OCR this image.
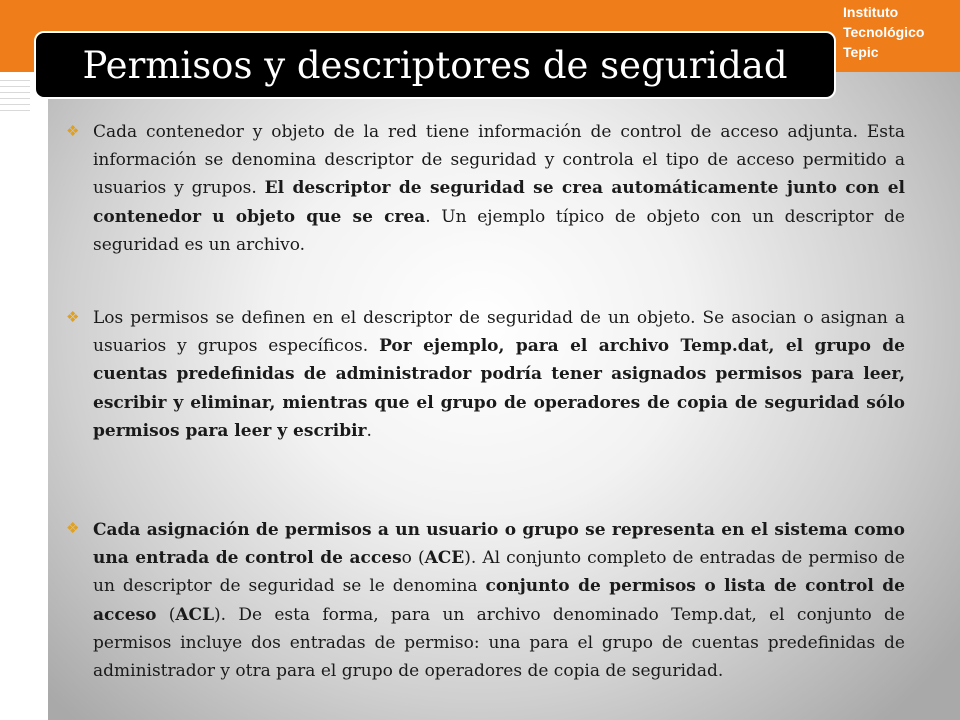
Instituto
Tecnológico
Tepic
Permisos y descriptores de seguridad
❖ Cada contenedor y objeto de la red tiene información de control de acceso adjunta. Esta información se denomina descriptor de seguridad y controla el tipo de acceso permitido a usuarios y grupos. El descriptor de seguridad se crea automáticamente junto con el contenedor u objeto que se crea. Un ejemplo típico de objeto con un descriptor de seguridad es un archivo.

❖ Los permisos se definen en el descriptor de seguridad de un objeto. Se asocian o asignan a usuarios y grupos específicos. Por ejemplo, para el archivo Temp.dat, el grupo de cuentas predefinidas de administrador podría tener asignados permisos para leer, escribir y eliminar, mientras que el grupo de operadores de copia de seguridad sólo permisos para leer y escribir.

❖ Cada asignación de permisos a un usuario o grupo se representa en el sistema como una entrada de control de acceso (ACE). Al conjunto completo de entradas de permiso de un descriptor de seguridad se le denomina conjunto de permisos o lista de control de acceso (ACL). De esta forma, para un archivo denominado Temp.dat, el conjunto de permisos incluye dos entradas de permiso: una para el grupo de cuentas predefinidas de administrador y otra para el grupo de operadores de copia de seguridad.
